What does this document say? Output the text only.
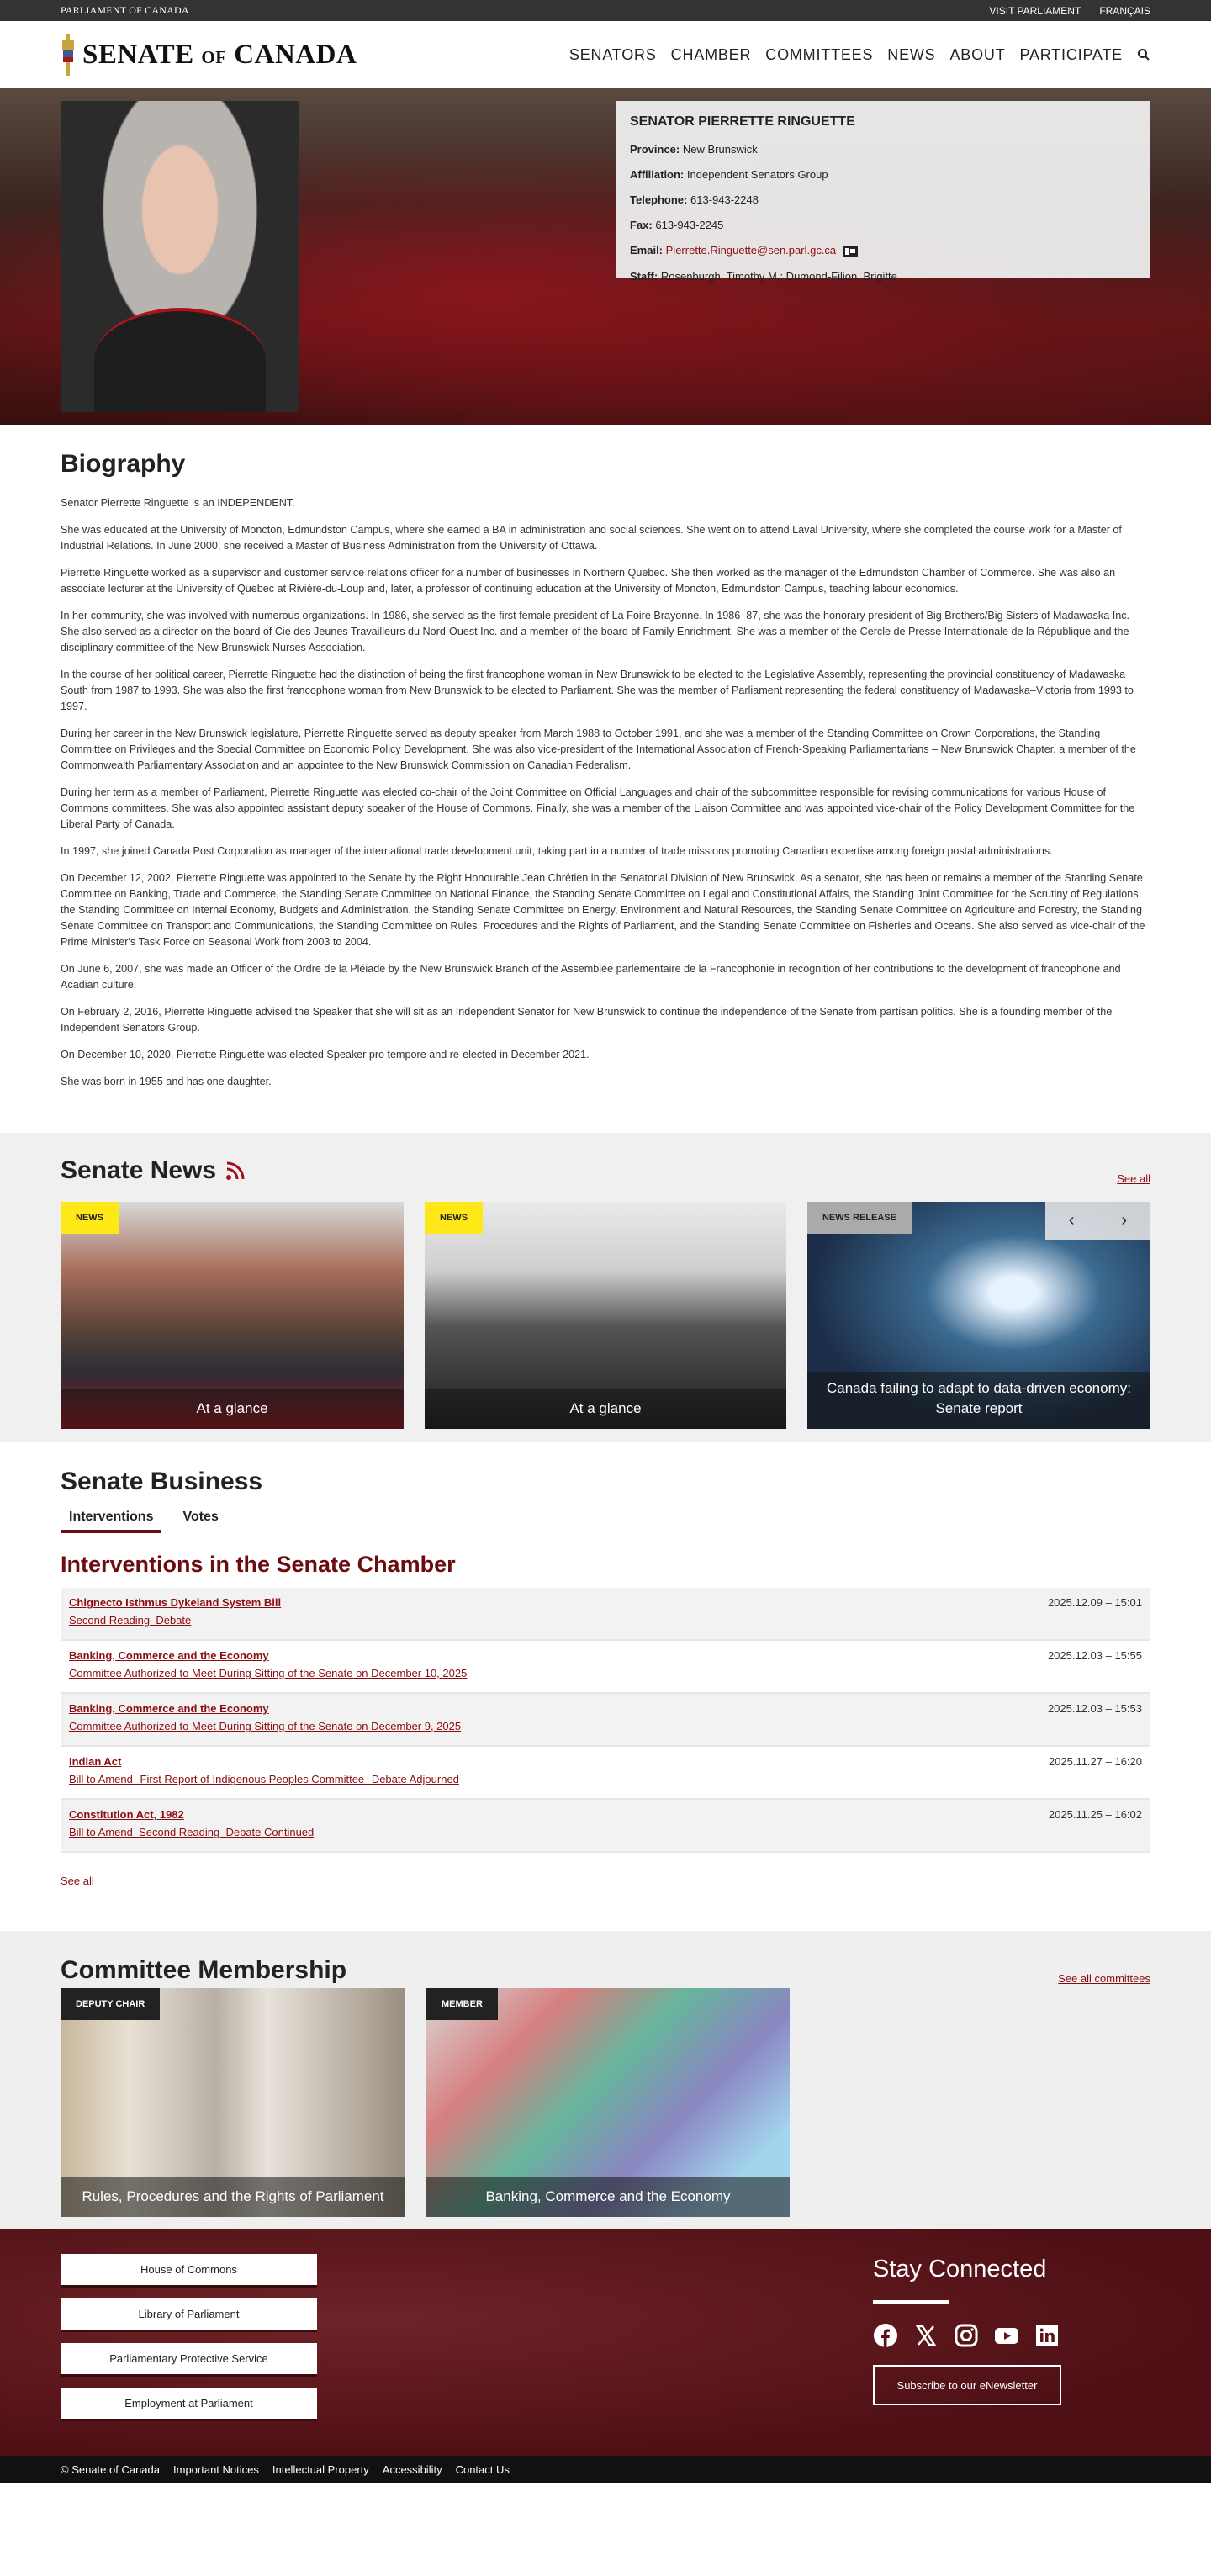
PARLIAMENT OF CANADA	VISIT PARLIAMENT FRANÇAIS
SENATE OF CANADA	SENATORS CHAMBER COMMITTEES NEWS ABOUT PARTICIPATE
SENATOR PIERRETTE RINGUETTE
Province: New Brunswick
Affiliation: Independent Senators Group
Telephone: 613-943-2248
Fax: 613-943-2245
Email: Pierrette.Ringuette@sen.parl.gc.ca
Staff: Rosenburgh, Timothy M.; Dumond-Filion, Brigitte
Biography

Senator Pierrette Ringuette is an INDEPENDENT.

She was educated at the University of Moncton, Edmundston Campus, where she earned a BA in administration and social sciences. She went on to attend Laval University, where she completed the course work for a Master of Industrial Relations. In June 2000, she received a Master of Business Administration from the University of Ottawa.

Pierrette Ringuette worked as a supervisor and customer service relations officer for a number of businesses in Northern Quebec. She then worked as the manager of the Edmundston Chamber of Commerce. She was also an associate lecturer at the University of Quebec at Rivière-du-Loup and, later, a professor of continuing education at the University of Moncton, Edmundston Campus, teaching labour economics.

In her community, she was involved with numerous organizations. In 1986, she served as the first female president of La Foire Brayonne. In 1986–87, she was the honorary president of Big Brothers/Big Sisters of Madawaska Inc. She also served as a director on the board of Cie des Jeunes Travailleurs du Nord-Ouest Inc. and a member of the board of Family Enrichment. She was a member of the Cercle de Presse Internationale de la République and the disciplinary committee of the New Brunswick Nurses Association.

In the course of her political career, Pierrette Ringuette had the distinction of being the first francophone woman in New Brunswick to be elected to the Legislative Assembly, representing the provincial constituency of Madawaska South from 1987 to 1993. She was also the first francophone woman from New Brunswick to be elected to Parliament. She was the member of Parliament representing the federal constituency of Madawaska–Victoria from 1993 to 1997.

During her career in the New Brunswick legislature, Pierrette Ringuette served as deputy speaker from March 1988 to October 1991, and she was a member of the Standing Committee on Crown Corporations, the Standing Committee on Privileges and the Special Committee on Economic Policy Development. She was also vice-president of the International Association of French-Speaking Parliamentarians – New Brunswick Chapter, a member of the Commonwealth Parliamentary Association and an appointee to the New Brunswick Commission on Canadian Federalism.

During her term as a member of Parliament, Pierrette Ringuette was elected co-chair of the Joint Committee on Official Languages and chair of the subcommittee responsible for revising communications for various House of Commons committees. She was also appointed assistant deputy speaker of the House of Commons. Finally, she was a member of the Liaison Committee and was appointed vice-chair of the Policy Development Committee for the Liberal Party of Canada.

In 1997, she joined Canada Post Corporation as manager of the international trade development unit, taking part in a number of trade missions promoting Canadian expertise among foreign postal administrations.

On December 12, 2002, Pierrette Ringuette was appointed to the Senate by the Right Honourable Jean Chrétien in the Senatorial Division of New Brunswick. As a senator, she has been or remains a member of the Standing Senate Committee on Banking, Trade and Commerce, the Standing Senate Committee on National Finance, the Standing Senate Committee on Legal and Constitutional Affairs, the Standing Joint Committee for the Scrutiny of Regulations, the Standing Committee on Internal Economy, Budgets and Administration, the Standing Senate Committee on Energy, Environment and Natural Resources, the Standing Senate Committee on Agriculture and Forestry, the Standing Senate Committee on Transport and Communications, the Standing Committee on Rules, Procedures and the Rights of Parliament, and the Standing Senate Committee on Fisheries and Oceans. She also served as vice-chair of the Prime Minister's Task Force on Seasonal Work from 2003 to 2004.

On June 6, 2007, she was made an Officer of the Ordre de la Pléiade by the New Brunswick Branch of the Assemblée parlementaire de la Francophonie in recognition of her contributions to the development of francophone and Acadian culture.

On February 2, 2016, Pierrette Ringuette advised the Speaker that she will sit as an Independent Senator for New Brunswick to continue the independence of the Senate from partisan politics. She is a founding member of the Independent Senators Group.

On December 10, 2020, Pierrette Ringuette was elected Speaker pro tempore and re-elected in December 2021.

She was born in 1955 and has one daughter.

Senate News	See all
NEWS
At a glance
NEWS
At a glance
NEWS RELEASE	‹	›
Canada failing to adapt to data-driven economy: Senate report
Senate Business
Interventions	Votes
Interventions in the Senate Chamber
Chignecto Isthmus Dykeland System Bill
Second Reading–Debate
2025.12.09 – 15:01
Banking, Commerce and the Economy
Committee Authorized to Meet During Sitting of the Senate on December 10, 2025
2025.12.03 – 15:55
Banking, Commerce and the Economy
Committee Authorized to Meet During Sitting of the Senate on December 9, 2025
2025.12.03 – 15:53
Indian Act
Bill to Amend--First Report of Indigenous Peoples Committee--Debate Adjourned
2025.11.27 – 16:20
Constitution Act, 1982
Bill to Amend–Second Reading–Debate Continued
2025.11.25 – 16:02
See all
Committee Membership	See all committees
DEPUTY CHAIR
Rules, Procedures and the Rights of Parliament
MEMBER
Banking, Commerce and the Economy
House of Commons
Library of Parliament
Parliamentary Protective Service
Employment at Parliament
Stay Connected
Subscribe to our eNewsletter
© Senate of Canada Important Notices Intellectual Property Accessibility Contact Us
